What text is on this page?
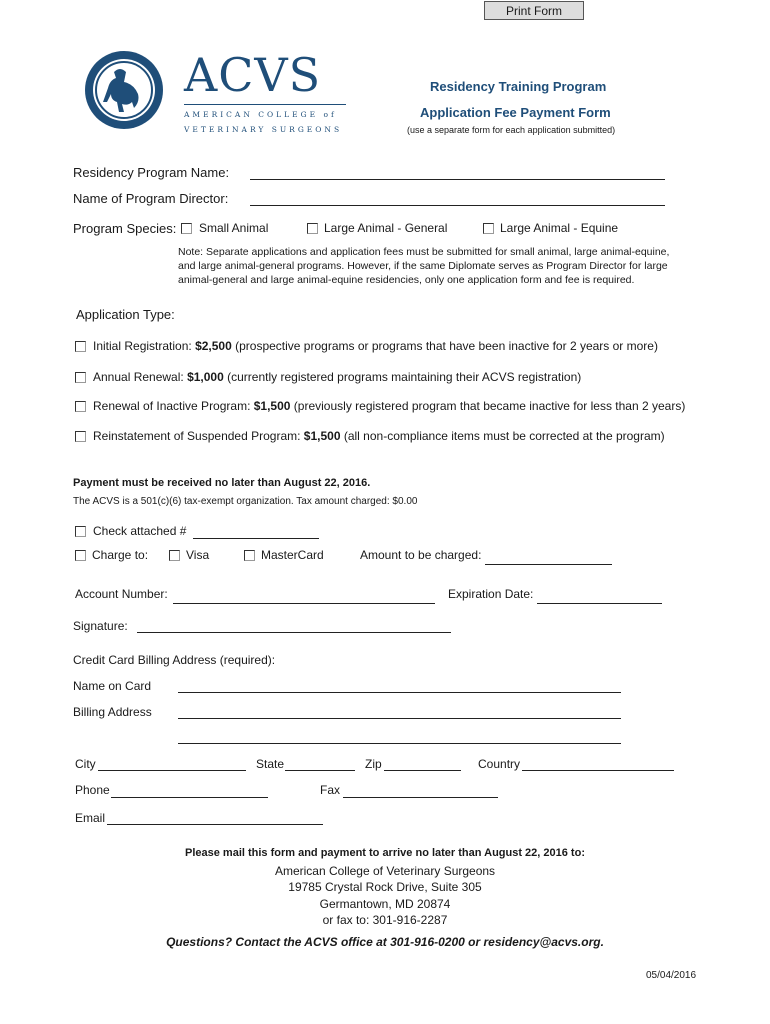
Print Form
ACVS
AMERICAN COLLEGE of
VETERINARY SURGEONS
Residency Training Program
Application Fee Payment Form
(use a separate form for each application submitted)
Residency Program Name:
Name of Program Director:
Program Species: Small Animal	Large Animal - General	Large Animal - Equine
Note: Separate applications and application fees must be submitted for small animal, large animal-equine, and large animal-general programs. However, if the same Diplomate serves as Program Director for large animal-general and large animal-equine residencies, only one application form and fee is required.
Application Type:
Initial Registration: $2,500 (prospective programs or programs that have been inactive for 2 years or more)
Annual Renewal: $1,000 (currently registered programs maintaining their ACVS registration)
Renewal of Inactive Program: $1,500 (previously registered program that became inactive for less than 2 years)
Reinstatement of Suspended Program: $1,500 (all non-compliance items must be corrected at the program)
Payment must be received no later than August 22, 2016.
The ACVS is a 501(c)(6) tax-exempt organization. Tax amount charged: $0.00
Check attached #
Charge to:	Visa	MasterCard	Amount to be charged:
Account Number:	Expiration Date:
Signature:
Credit Card Billing Address (required):
Name on Card
Billing Address
City	State	Zip	Country
Phone	Fax
Email
Please mail this form and payment to arrive no later than August 22, 2016 to:
American College of Veterinary Surgeons
19785 Crystal Rock Drive, Suite 305
Germantown, MD 20874
or fax to: 301-916-2287
Questions? Contact the ACVS office at 301-916-0200 or residency@acvs.org.
05/04/2016
